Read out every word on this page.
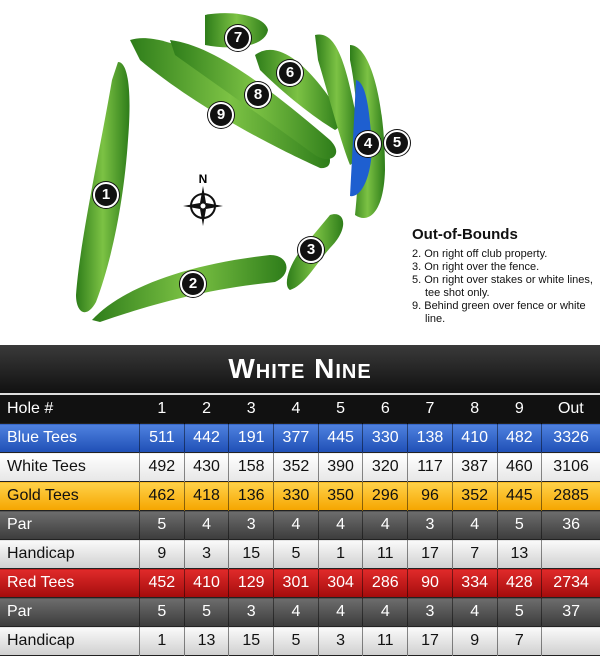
1
2
3
4	5
6
7
8
9
N
Out-of-Bounds
2. On right off club property.
3. On right over the fence.
5. On right over stakes or white lines, tee shot only.
9. Behind green over fence or white line.
White Nine
Hole #	1	2	3	4	5	6	7	8	9	Out
Blue Tees	511	442	191	377	445	330	138	410	482	3326
White Tees	492	430	158	352	390	320	117	387	460	3106
Gold Tees	462	418	136	330	350	296	96	352	445	2885
Par	5	4	3	4	4	4	3	4	5	36
Handicap	9	3	15	5	1	11	17	7	13	
Red Tees	452	410	129	301	304	286	90	334	428	2734
Par	5	5	3	4	4	4	3	4	5	37
Handicap	1	13	15	5	3	11	17	9	7	
